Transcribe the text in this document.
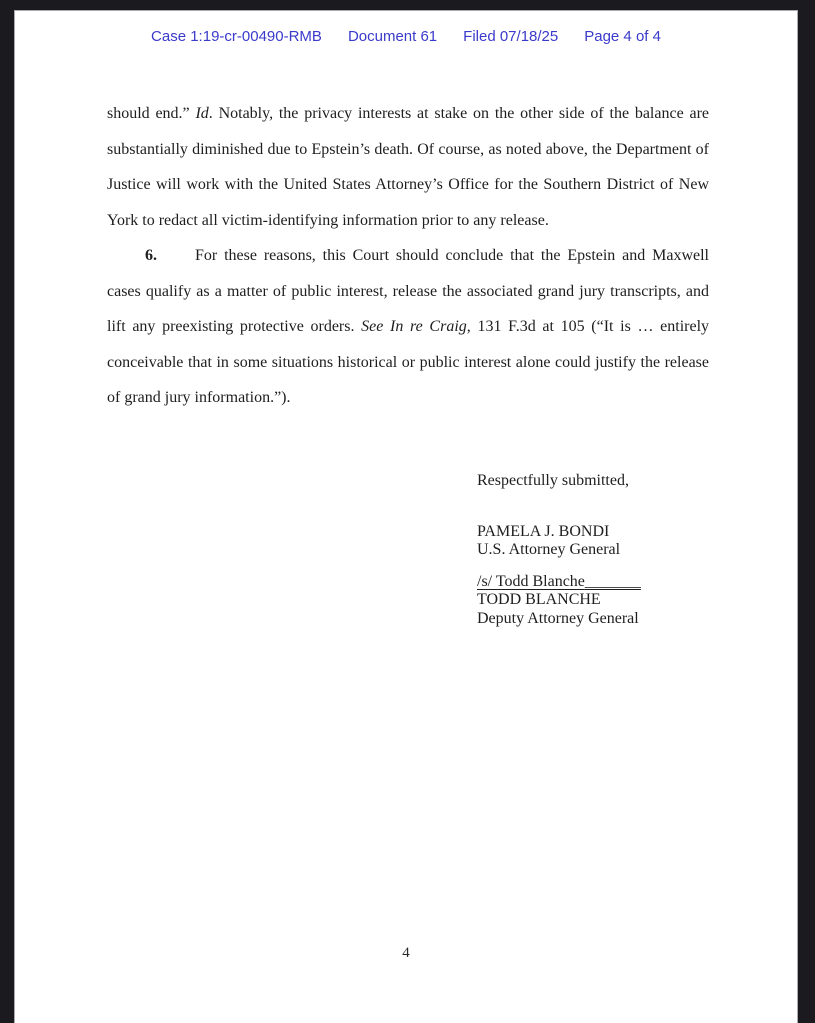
Case 1:19-cr-00490-RMB Document 61 Filed 07/18/25 Page 4 of 4

should end.” Id. Notably, the privacy interests at stake on the other side of the balance are substantially diminished due to Epstein’s death. Of course, as noted above, the Department of Justice will work with the United States Attorney’s Office for the Southern District of New York to redact all victim-identifying information prior to any release.

6. For these reasons, this Court should conclude that the Epstein and Maxwell cases qualify as a matter of public interest, release the associated grand jury transcripts, and lift any preexisting protective orders. See In re Craig, 131 F.3d at 105 (“It is … entirely conceivable that in some situations historical or public interest alone could justify the release of grand jury information.”).

Respectfully submitted,
PAMELA J. BONDI
U.S. Attorney General
/s/ Todd Blanche_______
TODD BLANCHE
Deputy Attorney General
4
